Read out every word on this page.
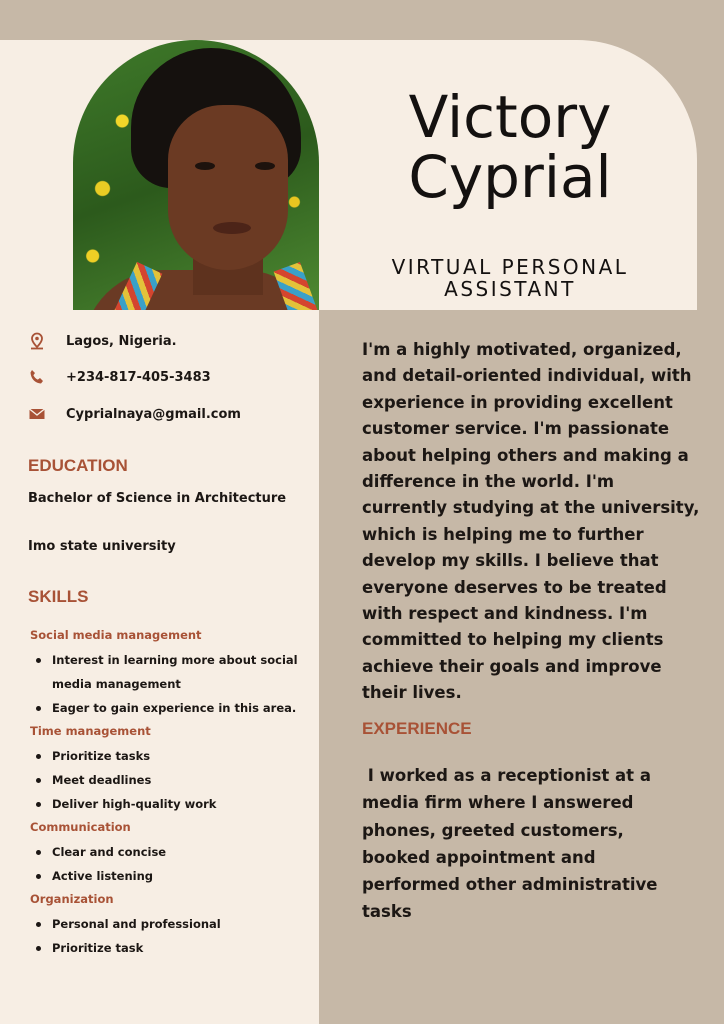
Victory
Cyprial
VIRTUAL PERSONAL ASSISTANT
Lagos, Nigeria.
+234-817-405-3483
Cyprialnaya@gmail.com
EDUCATION
Bachelor of Science in Architecture
Imo state university
SKILLS
Social media management
Interest in learning more about social media management
Eager to gain experience in this area.
Time management
Prioritize tasks
Meet deadlines
Deliver high-quality work
Communication
Clear and concise
Active listening
Organization
Personal and professional
Prioritize task
I'm a highly motivated, organized, and detail-oriented individual, with experience in providing excellent customer service. I'm passionate about helping others and making a difference in the world. I'm currently studying at the university, which is helping me to further develop my skills. I believe that everyone deserves to be treated with respect and kindness. I'm committed to helping my clients achieve their goals and improve their lives.
EXPERIENCE
I worked as a receptionist at a media firm where I answered phones, greeted customers, booked appointment and performed other administrative tasks
